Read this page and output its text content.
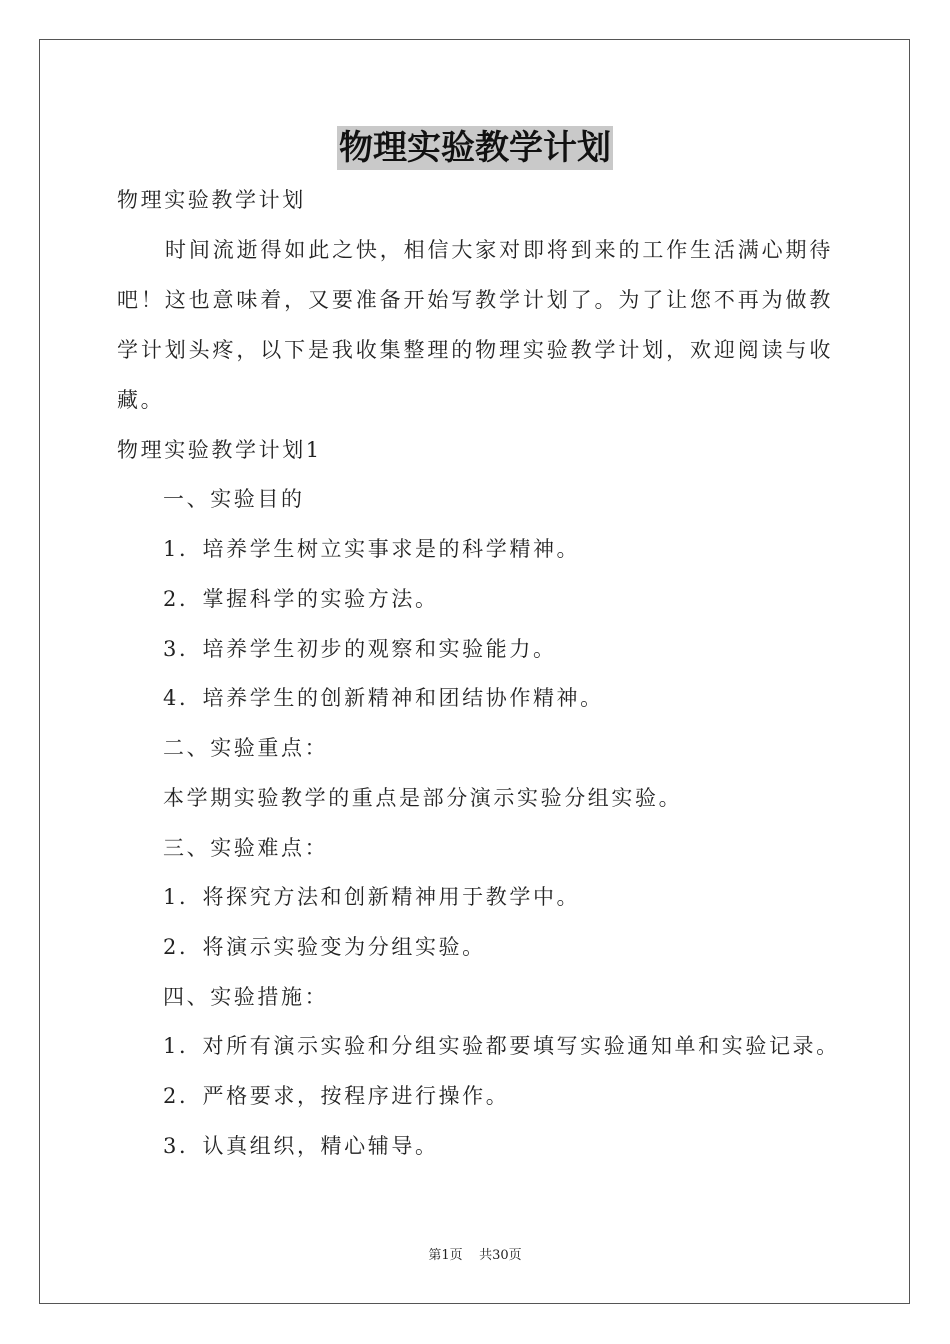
物理实验教学计划
物理实验教学计划
时间流逝得如此之快，相信大家对即将到来的工作生活满心期待吧！这也意味着，又要准备开始写教学计划了。为了让您不再为做教学计划头疼，以下是我收集整理的物理实验教学计划，欢迎阅读与收藏。
物理实验教学计划1
一、实验目的
1．培养学生树立实事求是的科学精神。
2．掌握科学的实验方法。
3．培养学生初步的观察和实验能力。
4．培养学生的创新精神和团结协作精神。
二、实验重点：
本学期实验教学的重点是部分演示实验分组实验。
三、实验难点：
1．将探究方法和创新精神用于教学中。
2．将演示实验变为分组实验。
四、实验措施：
1．对所有演示实验和分组实验都要填写实验通知单和实验记录。
2．严格要求，按程序进行操作。
3．认真组织，精心辅导。
第1页 共30页
